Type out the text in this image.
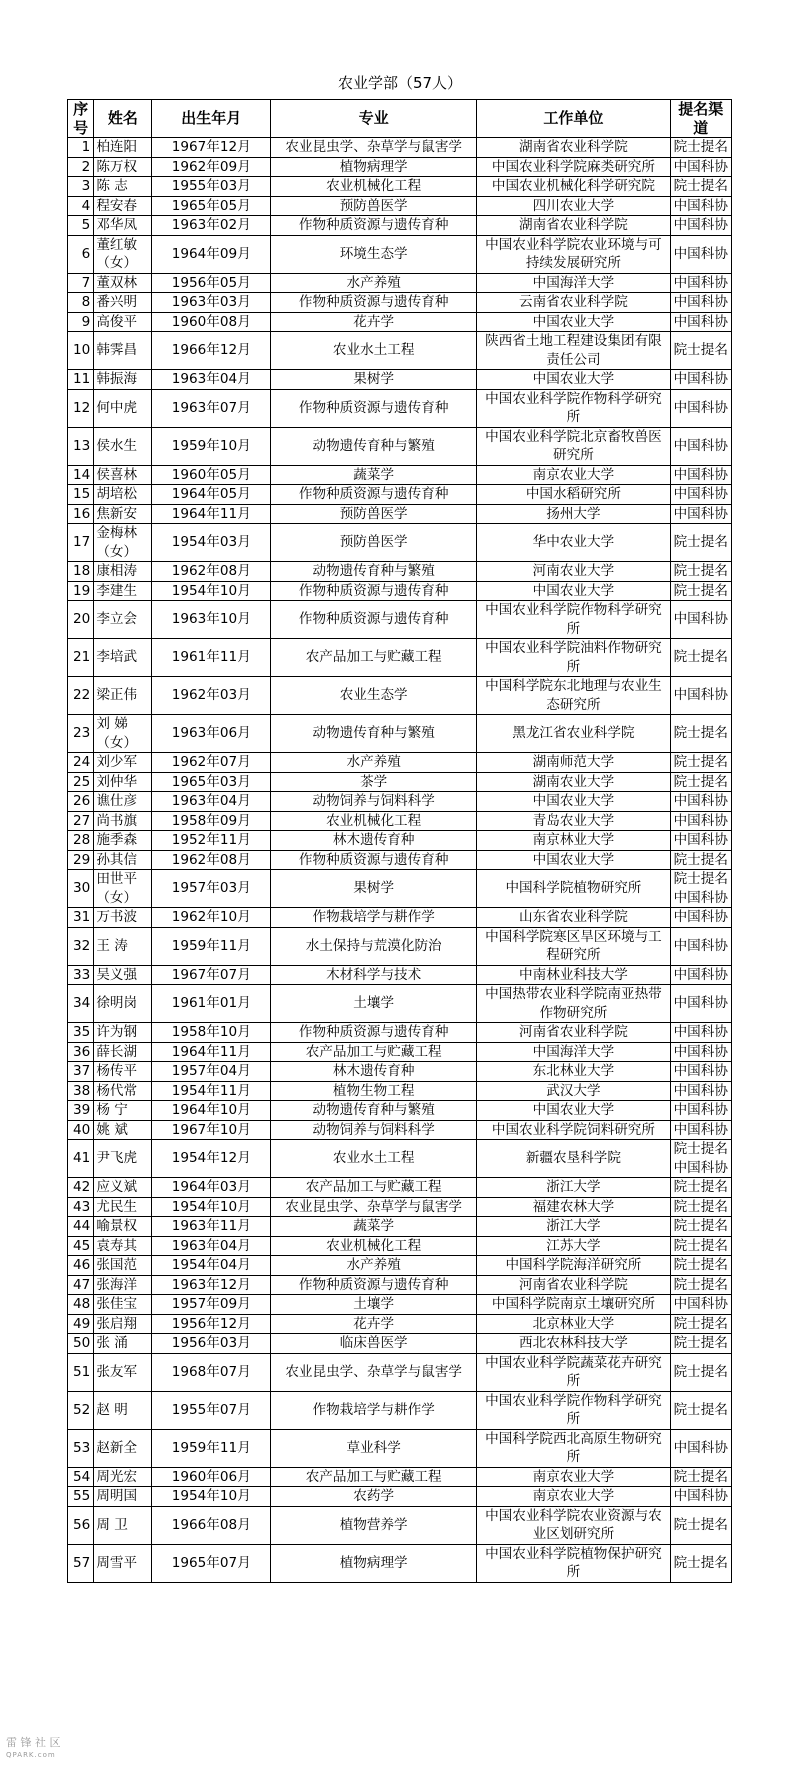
农业学部（57人）
序号	姓名	出生年月	专业	工作单位	提名渠道
1	柏连阳	1967年12月	农业昆虫学、杂草学与鼠害学	湖南省农业科学院	院士提名
2	陈万权	1962年09月	植物病理学	中国农业科学院麻类研究所	中国科协
3	陈 志	1955年03月	农业机械化工程	中国农业机械化科学研究院	院士提名
4	程安春	1965年05月	预防兽医学	四川农业大学	中国科协
5	邓华凤	1963年02月	作物种质资源与遗传育种	湖南省农业科学院	中国科协
6	董红敏（女）	1964年09月	环境生态学	中国农业科学院农业环境与可持续发展研究所	中国科协
7	董双林	1956年05月	水产养殖	中国海洋大学	中国科协
8	番兴明	1963年03月	作物种质资源与遗传育种	云南省农业科学院	中国科协
9	高俊平	1960年08月	花卉学	中国农业大学	中国科协
10	韩霁昌	1966年12月	农业水土工程	陕西省土地工程建设集团有限责任公司	院士提名
11	韩振海	1963年04月	果树学	中国农业大学	中国科协
12	何中虎	1963年07月	作物种质资源与遗传育种	中国农业科学院作物科学研究所	中国科协
13	侯水生	1959年10月	动物遗传育种与繁殖	中国农业科学院北京畜牧兽医研究所	中国科协
14	侯喜林	1960年05月	蔬菜学	南京农业大学	中国科协
15	胡培松	1964年05月	作物种质资源与遗传育种	中国水稻研究所	中国科协
16	焦新安	1964年11月	预防兽医学	扬州大学	中国科协
17	金梅林（女）	1954年03月	预防兽医学	华中农业大学	院士提名
18	康相涛	1962年08月	动物遗传育种与繁殖	河南农业大学	院士提名
19	李建生	1954年10月	作物种质资源与遗传育种	中国农业大学	院士提名
20	李立会	1963年10月	作物种质资源与遗传育种	中国农业科学院作物科学研究所	中国科协
21	李培武	1961年11月	农产品加工与贮藏工程	中国农业科学院油料作物研究所	院士提名
22	梁正伟	1962年03月	农业生态学	中国科学院东北地理与农业生态研究所	中国科协
23	刘 娣（女）	1963年06月	动物遗传育种与繁殖	黑龙江省农业科学院	院士提名
24	刘少军	1962年07月	水产养殖	湖南师范大学	院士提名
25	刘仲华	1965年03月	茶学	湖南农业大学	院士提名
26	谯仕彦	1963年04月	动物饲养与饲料科学	中国农业大学	中国科协
27	尚书旗	1958年09月	农业机械化工程	青岛农业大学	中国科协
28	施季森	1952年11月	林木遗传育种	南京林业大学	中国科协
29	孙其信	1962年08月	作物种质资源与遗传育种	中国农业大学	院士提名
30	田世平（女）	1957年03月	果树学	中国科学院植物研究所	院士提名 中国科协
31	万书波	1962年10月	作物栽培学与耕作学	山东省农业科学院	中国科协
32	王 涛	1959年11月	水土保持与荒漠化防治	中国科学院寒区旱区环境与工程研究所	中国科协
33	吴义强	1967年07月	木材科学与技术	中南林业科技大学	中国科协
34	徐明岗	1961年01月	土壤学	中国热带农业科学院南亚热带作物研究所	中国科协
35	许为钢	1958年10月	作物种质资源与遗传育种	河南省农业科学院	中国科协
36	薛长湖	1964年11月	农产品加工与贮藏工程	中国海洋大学	中国科协
37	杨传平	1957年04月	林木遗传育种	东北林业大学	中国科协
38	杨代常	1954年11月	植物生物工程	武汉大学	中国科协
39	杨 宁	1964年10月	动物遗传育种与繁殖	中国农业大学	中国科协
40	姚 斌	1967年10月	动物饲养与饲料科学	中国农业科学院饲料研究所	中国科协
41	尹飞虎	1954年12月	农业水土工程	新疆农垦科学院	院士提名 中国科协
42	应义斌	1964年03月	农产品加工与贮藏工程	浙江大学	院士提名
43	尤民生	1954年10月	农业昆虫学、杂草学与鼠害学	福建农林大学	院士提名
44	喻景权	1963年11月	蔬菜学	浙江大学	院士提名
45	袁寿其	1963年04月	农业机械化工程	江苏大学	院士提名
46	张国范	1954年04月	水产养殖	中国科学院海洋研究所	院士提名
47	张海洋	1963年12月	作物种质资源与遗传育种	河南省农业科学院	院士提名
48	张佳宝	1957年09月	土壤学	中国科学院南京土壤研究所	中国科协
49	张启翔	1956年12月	花卉学	北京林业大学	院士提名
50	张 涌	1956年03月	临床兽医学	西北农林科技大学	院士提名
51	张友军	1968年07月	农业昆虫学、杂草学与鼠害学	中国农业科学院蔬菜花卉研究所	院士提名
52	赵 明	1955年07月	作物栽培学与耕作学	中国农业科学院作物科学研究所	院士提名
53	赵新全	1959年11月	草业科学	中国科学院西北高原生物研究所	中国科协
54	周光宏	1960年06月	农产品加工与贮藏工程	南京农业大学	院士提名
55	周明国	1954年10月	农药学	南京农业大学	中国科协
56	周 卫	1966年08月	植物营养学	中国农业科学院农业资源与农业区划研究所	院士提名
57	周雪平	1965年07月	植物病理学	中国农业科学院植物保护研究所	院士提名
雷 锋 社 区
QPARK.com
